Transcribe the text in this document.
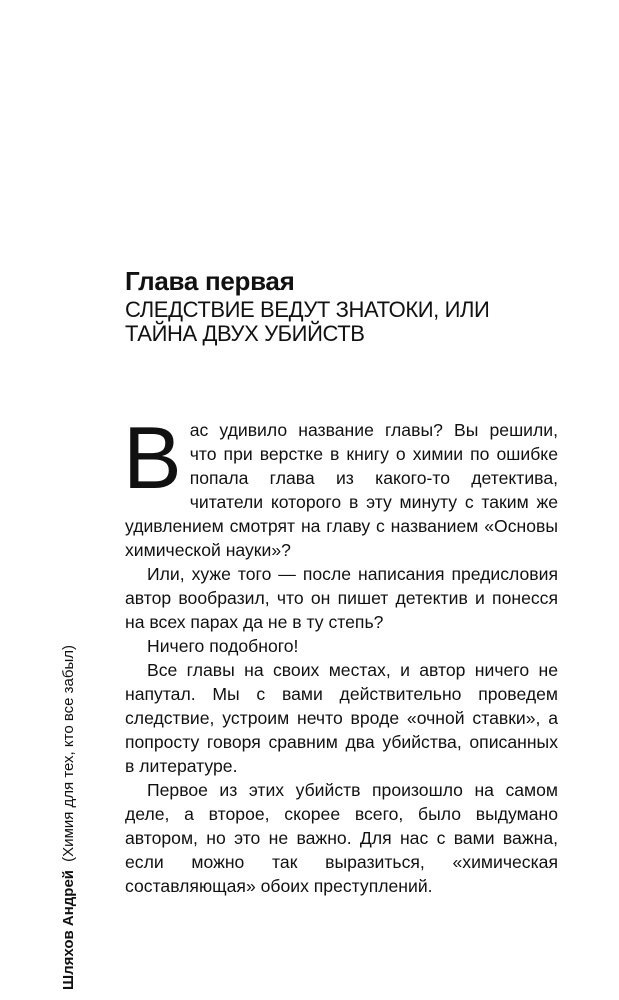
Глава первая
СЛЕДСТВИЕ ВЕДУТ ЗНАТОКИ, ИЛИ
ТАЙНА ДВУХ УБИЙСТВ

Вас удивило название главы? Вы решили, что при верстке в книгу о химии по ошибке попала глава из какого-то детектива, читатели которого в эту минуту с таким же удивлением смотрят на главу с названием «Основы химической науки»?

Или, хуже того — после написания предисловия автор вообразил, что он пишет детектив и понесся на всех парах да не в ту степь?

Ничего подобного!

Все главы на своих местах, и автор ничего не напутал. Мы с вами действительно проведем следствие, устроим нечто вроде «очной ставки», а попросту говоря сравним два убийства, описанных в литературе.

Первое из этих убийств произошло на самом деле, а второе, скорее всего, было выдумано автором, но это не важно. Для нас с вами важна, если можно так выразиться, «химическая составляющая» обоих преступлений.

Шляхов Андрей (Химия для тех, кто все забыл)
